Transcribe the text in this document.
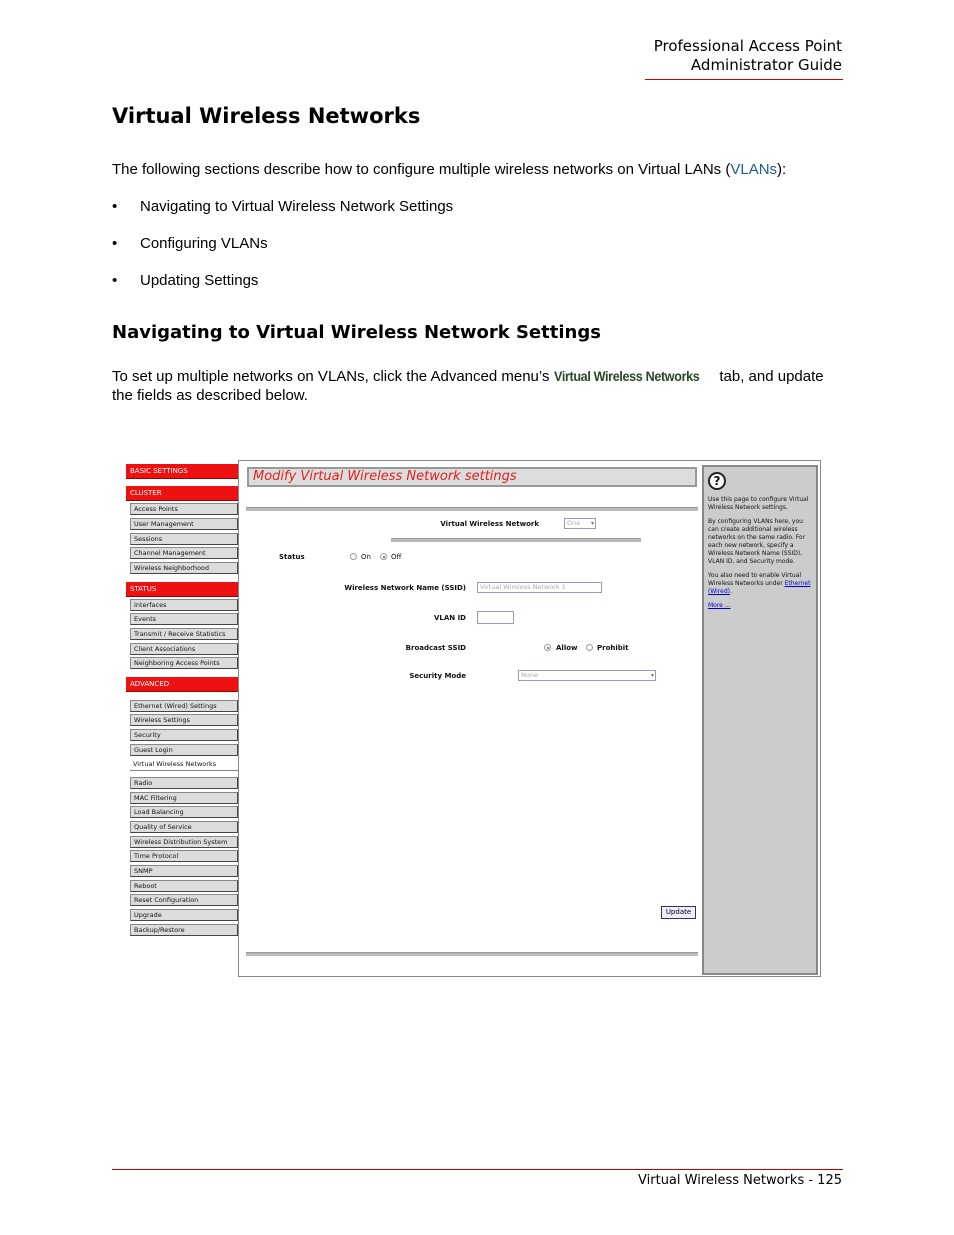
Professional Access Point
Administrator Guide
Virtual Wireless Networks
The following sections describe how to configure multiple wireless networks on Virtual LANs (VLANs):
• Navigating to Virtual Wireless Network Settings
• Configuring VLANs
• Updating Settings
Navigating to Virtual Wireless Network Settings
To set up multiple networks on VLANs, click the Advanced menu’s Virtual Wireless Networks tab, and update
the fields as described below.
BASIC SETTINGS
CLUSTER
Access Points
User Management
Sessions
Channel Management
Wireless Neighborhood
STATUS
Interfaces
Events
Transmit / Receive Statistics
Client Associations
Neighboring Access Points
ADVANCED
Ethernet (Wired) Settings
Wireless Settings
Security
Guest Login
Virtual Wireless Networks
Radio
MAC Filtering
Load Balancing
Quality of Service
Wireless Distribution System
Time Protocol
SNMP
Reboot
Reset Configuration
Upgrade
Backup/Restore
Modify Virtual Wireless Network settings
Virtual Wireless Network	One ▾
Status	On	Off
Wireless Network Name (SSID)	Virtual Wireless Network 1
VLAN ID
Broadcast SSID	Allow	Prohibit
Security Mode	None	▾
Update
?

Use this page to configure Virtual Wireless Network settings.

By configuring VLANs here, you can create additional wireless networks on the same radio. For each new network, specify a Wireless Network Name (SSID), VLAN ID, and Security mode.

You also need to enable Virtual Wireless Networks under Ethernet (Wired).

More ...

Virtual Wireless Networks - 125
